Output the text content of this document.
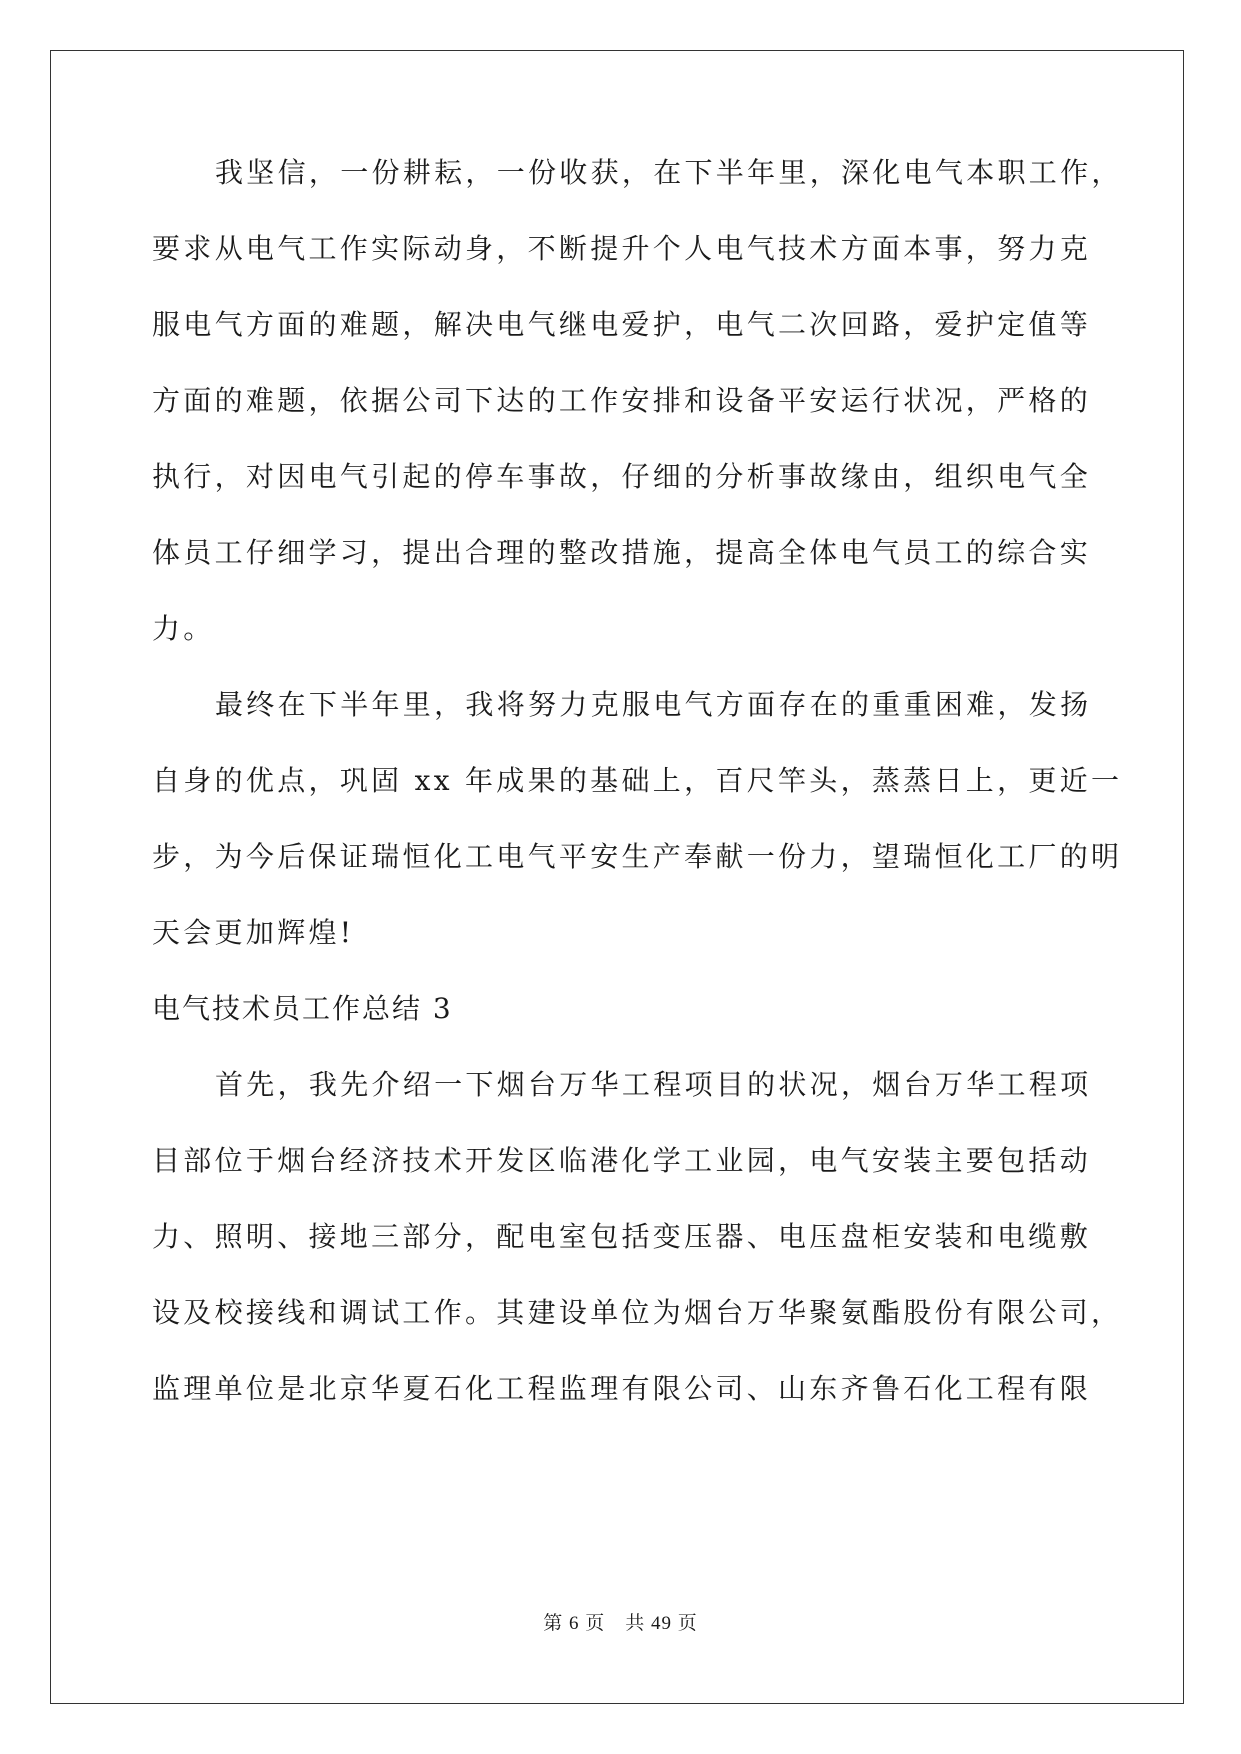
我坚信，一份耕耘，一份收获，在下半年里，深化电气本职工作，
要求从电气工作实际动身，不断提升个人电气技术方面本事，努力克
服电气方面的难题，解决电气继电爱护，电气二次回路，爱护定值等
方面的难题，依据公司下达的工作安排和设备平安运行状况，严格的
执行，对因电气引起的停车事故，仔细的分析事故缘由，组织电气全
体员工仔细学习，提出合理的整改措施，提高全体电气员工的综合实
力。
最终在下半年里，我将努力克服电气方面存在的重重困难，发扬
自身的优点，巩固 xx 年成果的基础上，百尺竿头，蒸蒸日上，更近一
步，为今后保证瑞恒化工电气平安生产奉献一份力，望瑞恒化工厂的明
天会更加辉煌!
电气技术员工作总结 3
首先，我先介绍一下烟台万华工程项目的状况，烟台万华工程项
目部位于烟台经济技术开发区临港化学工业园，电气安装主要包括动
力、照明、接地三部分，配电室包括变压器、电压盘柜安装和电缆敷
设及校接线和调试工作。其建设单位为烟台万华聚氨酯股份有限公司，
监理单位是北京华夏石化工程监理有限公司、山东齐鲁石化工程有限
第 6 页　共 49 页
